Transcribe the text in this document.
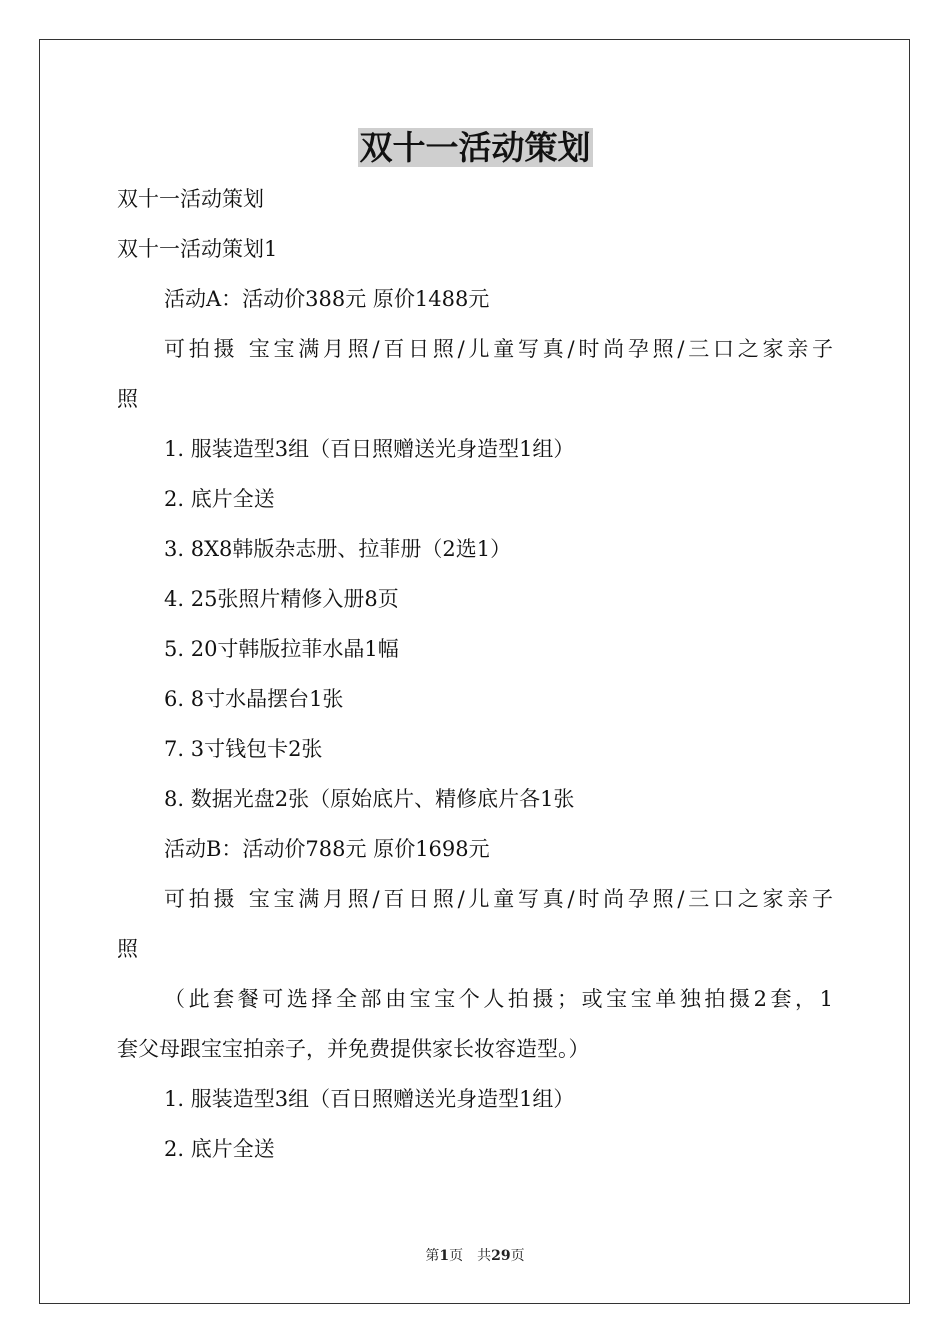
双十一活动策划

双十一活动策划

双十一活动策划1

活动A：活动价388元 原价1488元

可拍摄 宝宝满月照/百日照/儿童写真/时尚孕照/三口之家亲子

照

1. 服装造型3组（百日照赠送光身造型1组）

2. 底片全送

3. 8X8韩版杂志册、拉菲册（2选1）

4. 25张照片精修入册8页

5. 20寸韩版拉菲水晶1幅

6. 8寸水晶摆台1张

7. 3寸钱包卡2张

8. 数据光盘2张（原始底片、精修底片各1张

活动B：活动价788元 原价1698元

可拍摄 宝宝满月照/百日照/儿童写真/时尚孕照/三口之家亲子

照

（此套餐可选择全部由宝宝个人拍摄；或宝宝单独拍摄2套，1

套父母跟宝宝拍亲子，并免费提供家长妆容造型。）

1. 服装造型3组（百日照赠送光身造型1组）

2. 底片全送

第1页 共29页
